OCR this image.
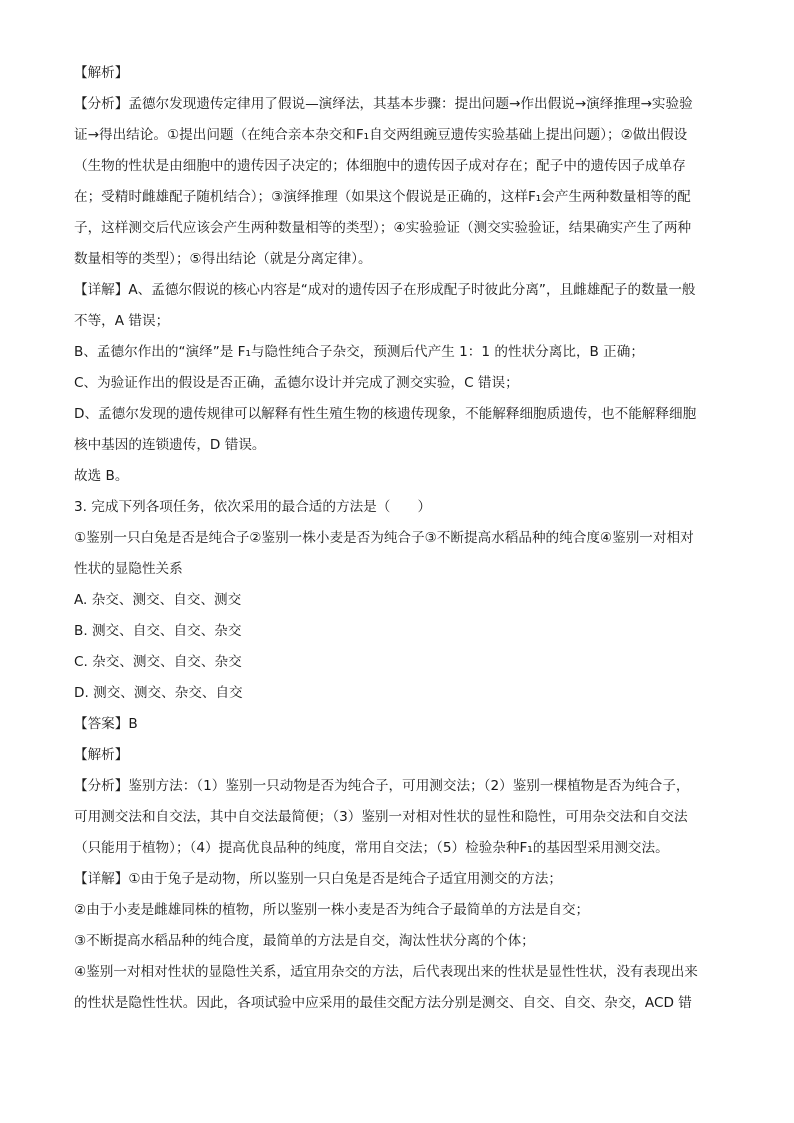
【解析】
【分析】孟德尔发现遗传定律用了假说—演绎法，其基本步骤：提出问题→作出假说→演绎推理→实验验
证→得出结论。①提出问题（在纯合亲本杂交和F₁自交两组豌豆遗传实验基础上提出问题）；②做出假设
（生物的性状是由细胞中的遗传因子决定的；体细胞中的遗传因子成对存在；配子中的遗传因子成单存
在；受精时雌雄配子随机结合）；③演绎推理（如果这个假说是正确的，这样F₁会产生两种数量相等的配
子，这样测交后代应该会产生两种数量相等的类型）；④实验验证（测交实验验证，结果确实产生了两种
数量相等的类型）；⑤得出结论（就是分离定律）。
【详解】A、孟德尔假说的核心内容是“成对的遗传因子在形成配子时彼此分离”，且雌雄配子的数量一般
不等，A 错误；
B、孟德尔作出的“演绎”是 F₁与隐性纯合子杂交，预测后代产生 1：1 的性状分离比，B 正确；
C、为验证作出的假设是否正确，孟德尔设计并完成了测交实验，C 错误；
D、孟德尔发现的遗传规律可以解释有性生殖生物的核遗传现象，不能解释细胞质遗传，也不能解释细胞
核中基因的连锁遗传，D 错误。
故选 B。
3. 完成下列各项任务，依次采用的最合适的方法是（　　）
①鉴别一只白兔是否是纯合子②鉴别一株小麦是否为纯合子③不断提高水稻品种的纯合度④鉴别一对相对
性状的显隐性关系
A. 杂交、测交、自交、测交
B. 测交、自交、自交、杂交
C. 杂交、测交、自交、杂交
D. 测交、测交、杂交、自交
【答案】B
【解析】
【分析】鉴别方法：（1）鉴别一只动物是否为纯合子，可用测交法；（2）鉴别一棵植物是否为纯合子，
可用测交法和自交法，其中自交法最简便；（3）鉴别一对相对性状的显性和隐性，可用杂交法和自交法
（只能用于植物）；（4）提高优良品种的纯度，常用自交法；（5）检验杂种F₁的基因型采用测交法。
【详解】①由于兔子是动物，所以鉴别一只白兔是否是纯合子适宜用测交的方法；
②由于小麦是雌雄同株的植物，所以鉴别一株小麦是否为纯合子最简单的方法是自交；
③不断提高水稻品种的纯合度，最简单的方法是自交，淘汰性状分离的个体；
④鉴别一对相对性状的显隐性关系，适宜用杂交的方法，后代表现出来的性状是显性性状，没有表现出来
的性状是隐性性状。因此，各项试验中应采用的最佳交配方法分别是测交、自交、自交、杂交，ACD 错
